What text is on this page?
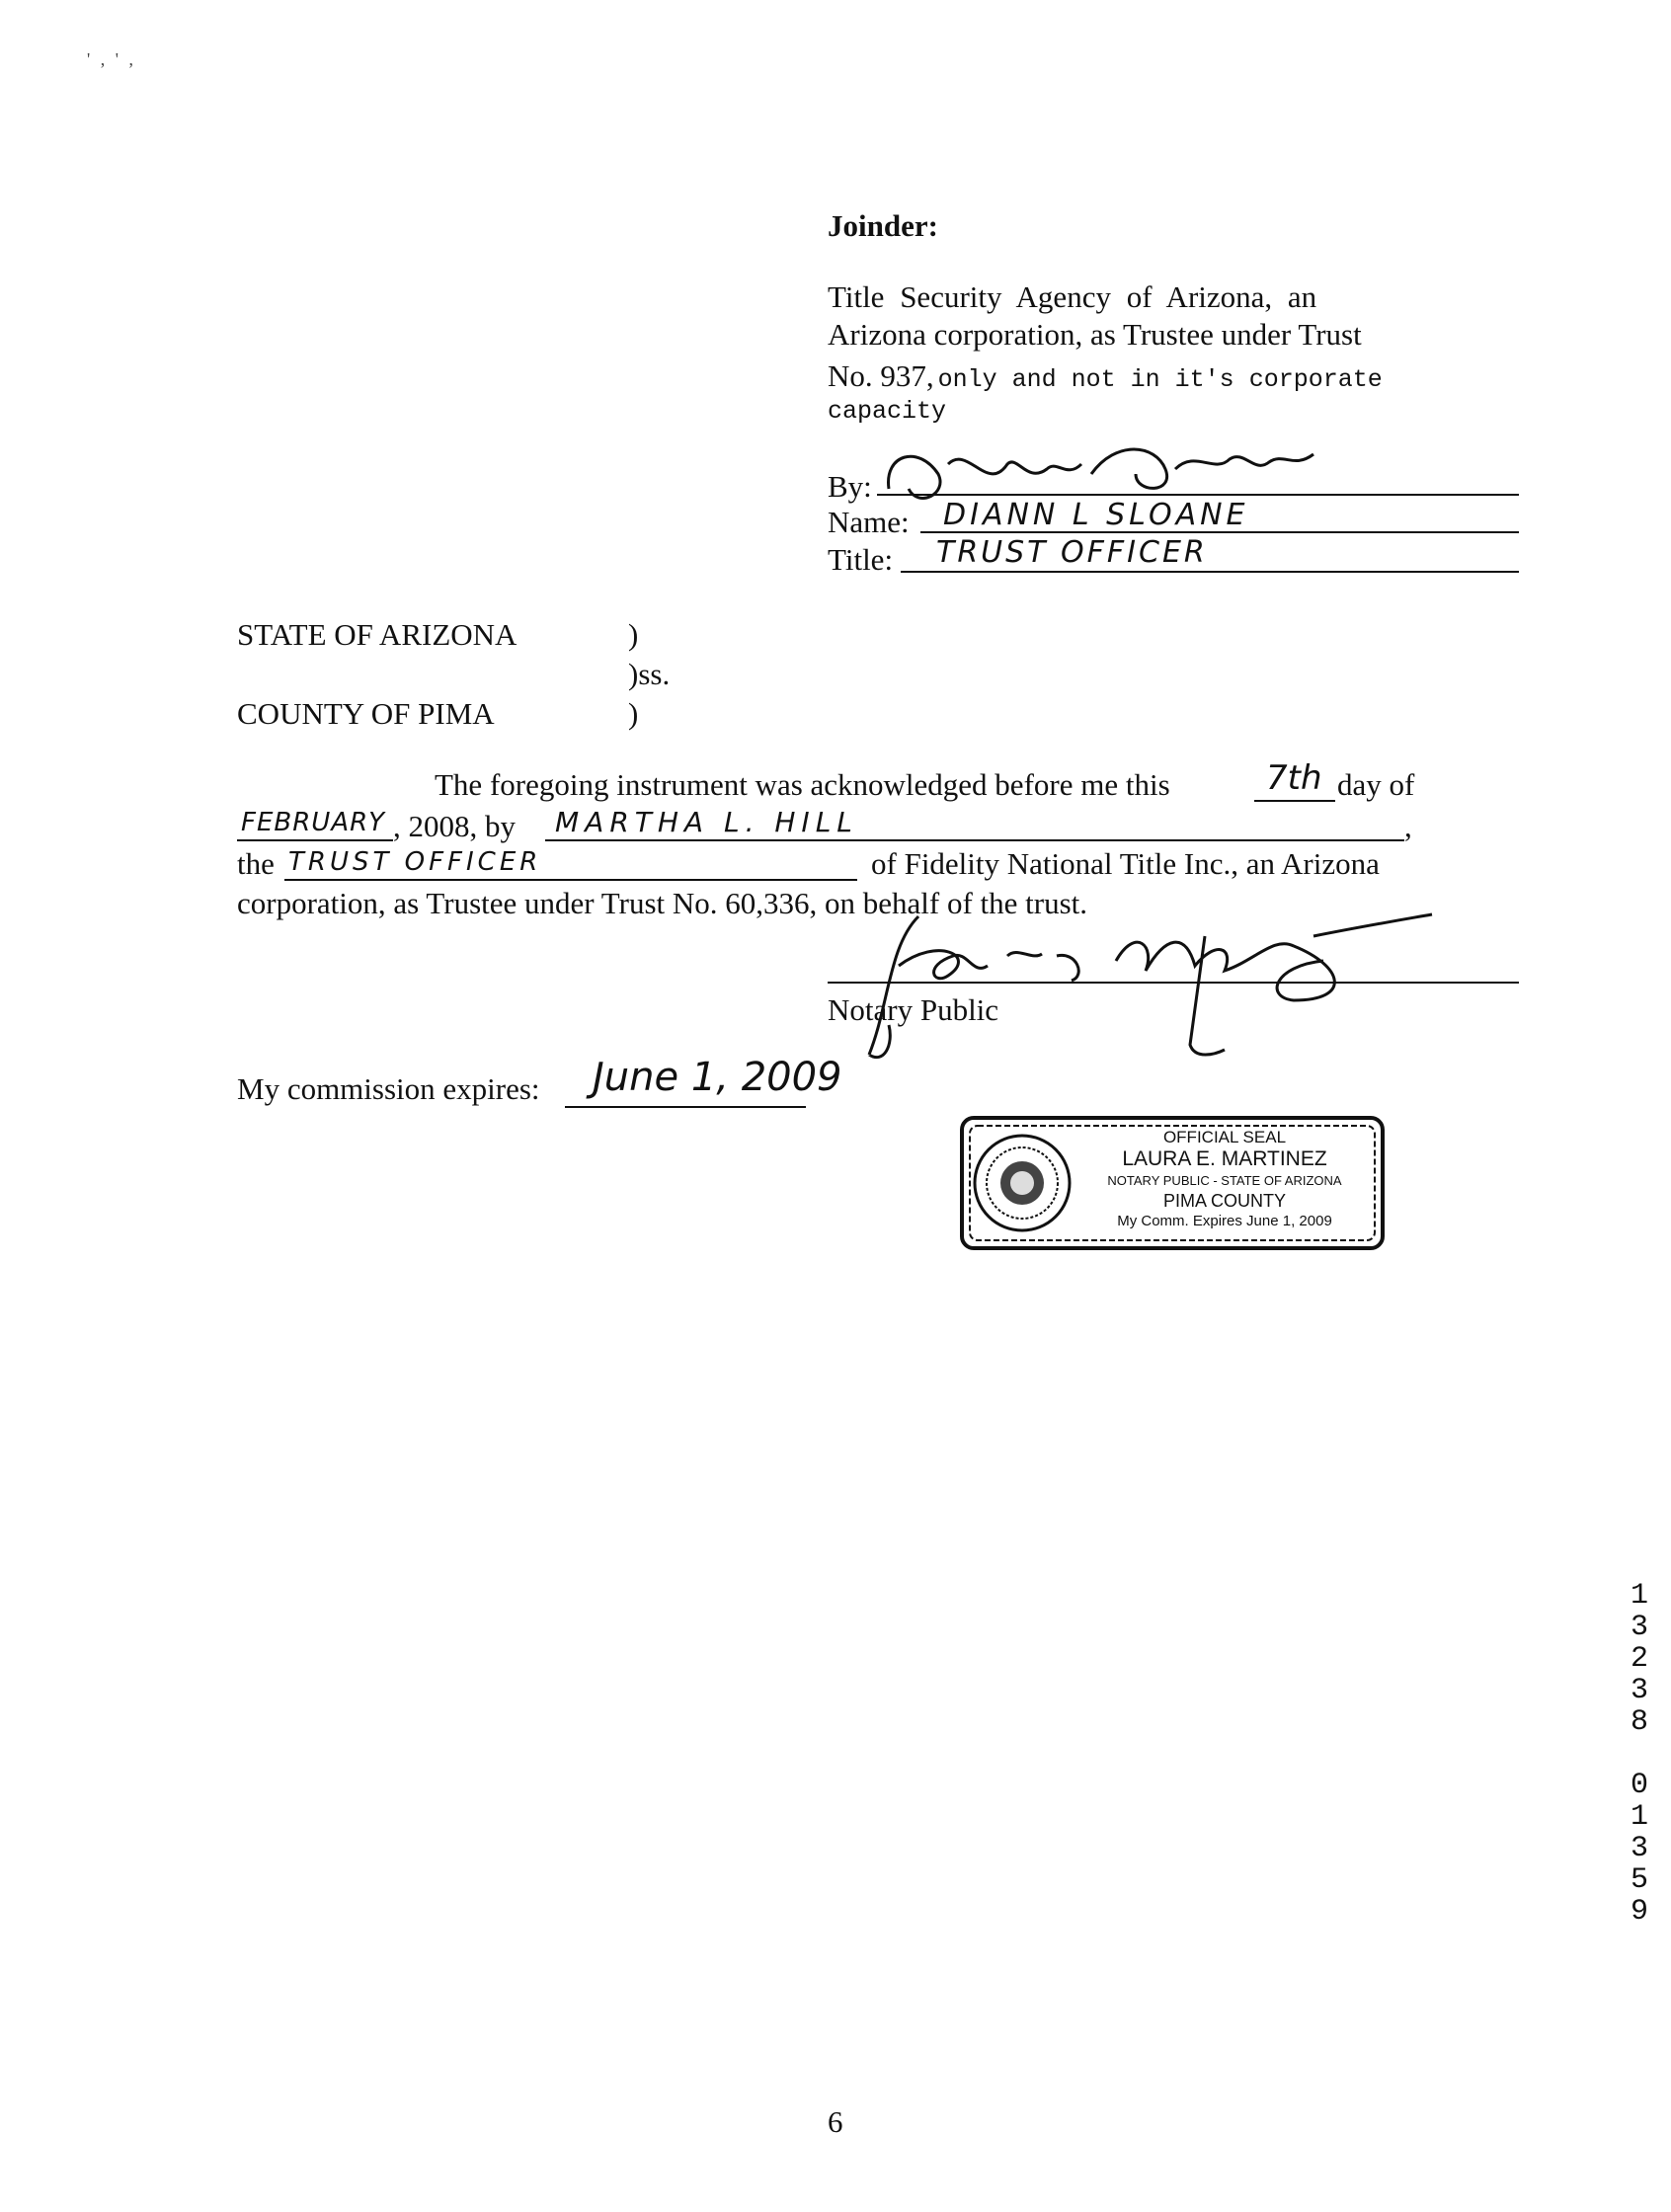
' , ' ,
Joinder:
Title Security Agency of Arizona, an
Arizona corporation, as Trustee under Trust
No. 937, only and not in it's corporate
capacity
By:
Name: DIANN L SLOANE
Title: TRUST OFFICER
STATE OF ARIZONA	)
)ss.
COUNTY OF PIMA	)
The foregoing instrument was acknowledged before me this	7th day of
FEBRUARY , 2008, by MARTHA L. HILL	,
the TRUST OFFICER	of Fidelity National Title Inc., an Arizona
corporation, as Trustee under Trust No. 60,336, on behalf of the trust.
Notary Public
My commission expires: June 1, 2009
OFFICIAL SEAL
LAURA E. MARTINEZ
NOTARY PUBLIC - STATE OF ARIZONA
PIMA COUNTY
My Comm. Expires June 1, 2009
1
3
2
3
8
0
1
3
5
9
6
